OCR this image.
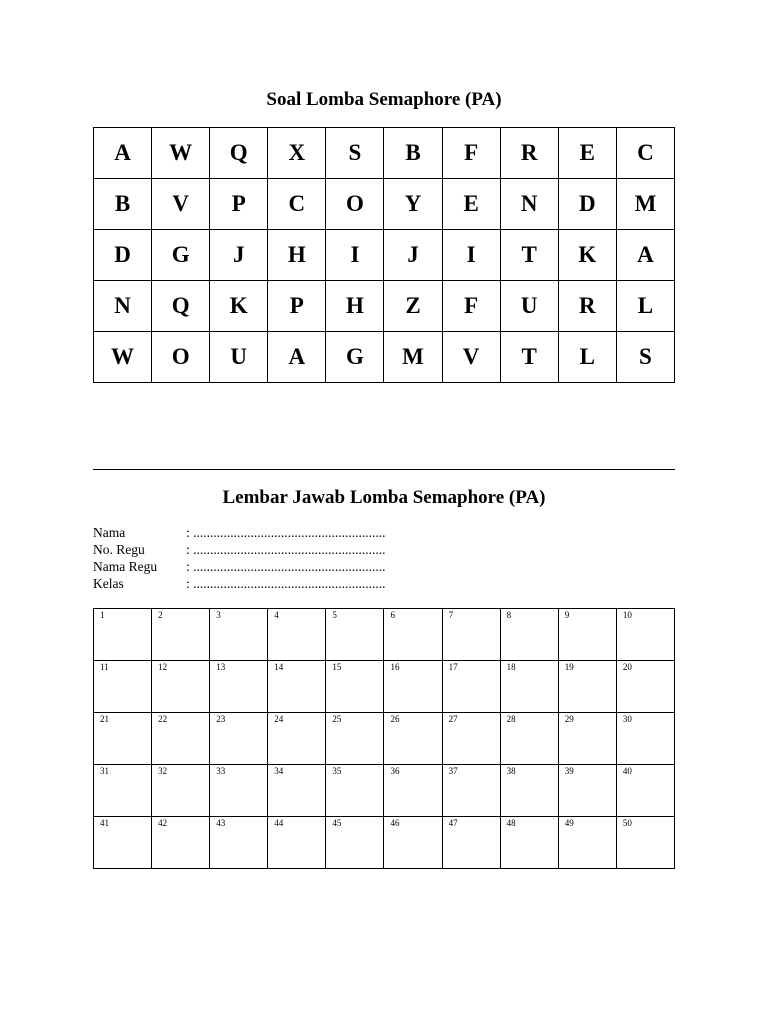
Soal Lomba Semaphore (PA)
A	W	Q	X	S	B	F	R	E	C
B	V	P	C	O	Y	E	N	D	M
D	G	J	H	I	J	I	T	K	A
N	Q	K	P	H	Z	F	U	R	L
W	O	U	A	G	M	V	T	L	S
Lembar Jawab Lomba Semaphore (PA)
Nama	: .........................................................
No. Regu	: .........................................................
Nama Regu	: .........................................................
Kelas	: .........................................................
1	2	3	4	5	6	7	8	9	10
11	12	13	14	15	16	17	18	19	20
21	22	23	24	25	26	27	28	29	30
31	32	33	34	35	36	37	38	39	40
41	42	43	44	45	46	47	48	49	50
